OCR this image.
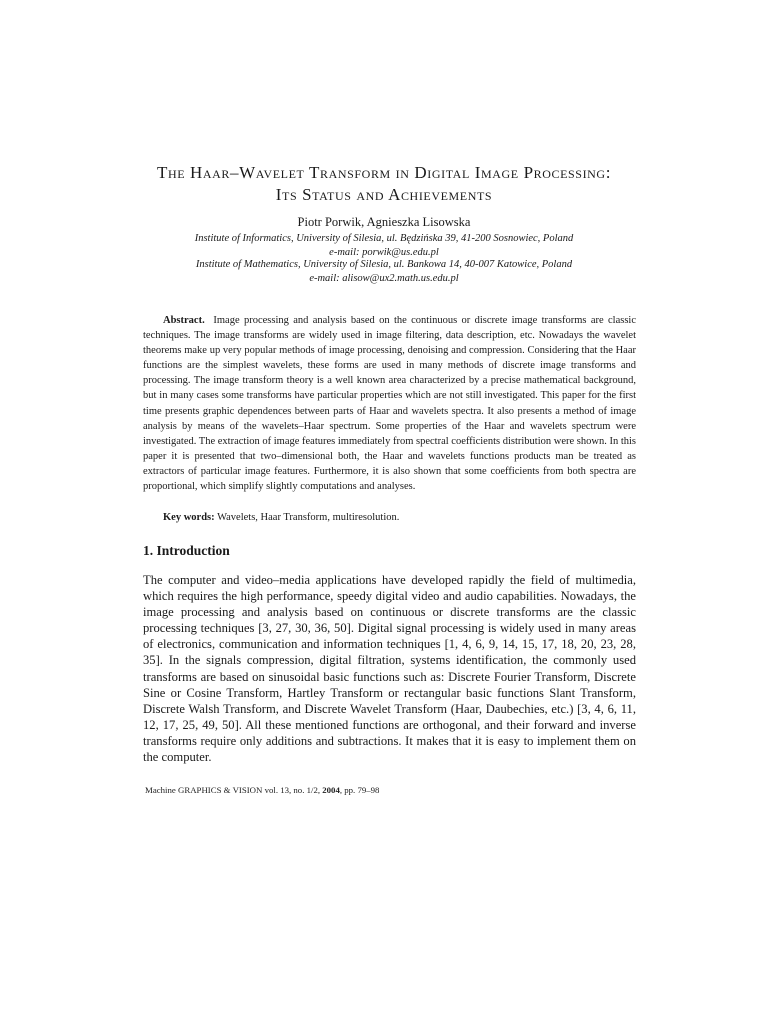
The Haar–Wavelet Transform in Digital Image Processing:
Its Status and Achievements
Piotr Porwik, Agnieszka Lisowska
Institute of Informatics, University of Silesia, ul. Będzińska 39, 41-200 Sosnowiec, Poland
e-mail: porwik@us.edu.pl
Institute of Mathematics, University of Silesia, ul. Bankowa 14, 40-007 Katowice, Poland
e-mail: alisow@ux2.math.us.edu.pl
Abstract. Image processing and analysis based on the continuous or discrete image transforms are classic techniques. The image transforms are widely used in image filtering, data description, etc. Nowadays the wavelet theorems make up very popular methods of image processing, denoising and compression. Considering that the Haar functions are the simplest wavelets, these forms are used in many methods of discrete image transforms and processing. The image transform theory is a well known area characterized by a precise mathematical background, but in many cases some transforms have particular properties which are not still investigated. This paper for the first time presents graphic dependences between parts of Haar and wavelets spectra. It also presents a method of image analysis by means of the wavelets–Haar spectrum. Some properties of the Haar and wavelets spectrum were investigated. The extraction of image features immediately from spectral coefficients distribution were shown. In this paper it is presented that two–dimensional both, the Haar and wavelets functions products man be treated as extractors of particular image features. Furthermore, it is also shown that some coefficients from both spectra are proportional, which simplify slightly computations and analyses.
Key words: Wavelets, Haar Transform, multiresolution.
1. Introduction
The computer and video–media applications have developed rapidly the field of multimedia, which requires the high performance, speedy digital video and audio capabilities. Nowadays, the image processing and analysis based on continuous or discrete transforms are the classic processing techniques [3, 27, 30, 36, 50]. Digital signal processing is widely used in many areas of electronics, communication and information techniques [1, 4, 6, 9, 14, 15, 17, 18, 20, 23, 28, 35]. In the signals compression, digital filtration, systems identification, the commonly used transforms are based on sinusoidal basic functions such as: Discrete Fourier Transform, Discrete Sine or Cosine Transform, Hartley Transform or rectangular basic functions Slant Transform, Discrete Walsh Transform, and Discrete Wavelet Transform (Haar, Daubechies, etc.) [3, 4, 6, 11, 12, 17, 25, 49, 50]. All these mentioned functions are orthogonal, and their forward and inverse transforms require only additions and subtractions. It makes that it is easy to implement them on the computer.
Machine GRAPHICS & VISION vol. 13, no. 1/2, 2004, pp. 79–98
